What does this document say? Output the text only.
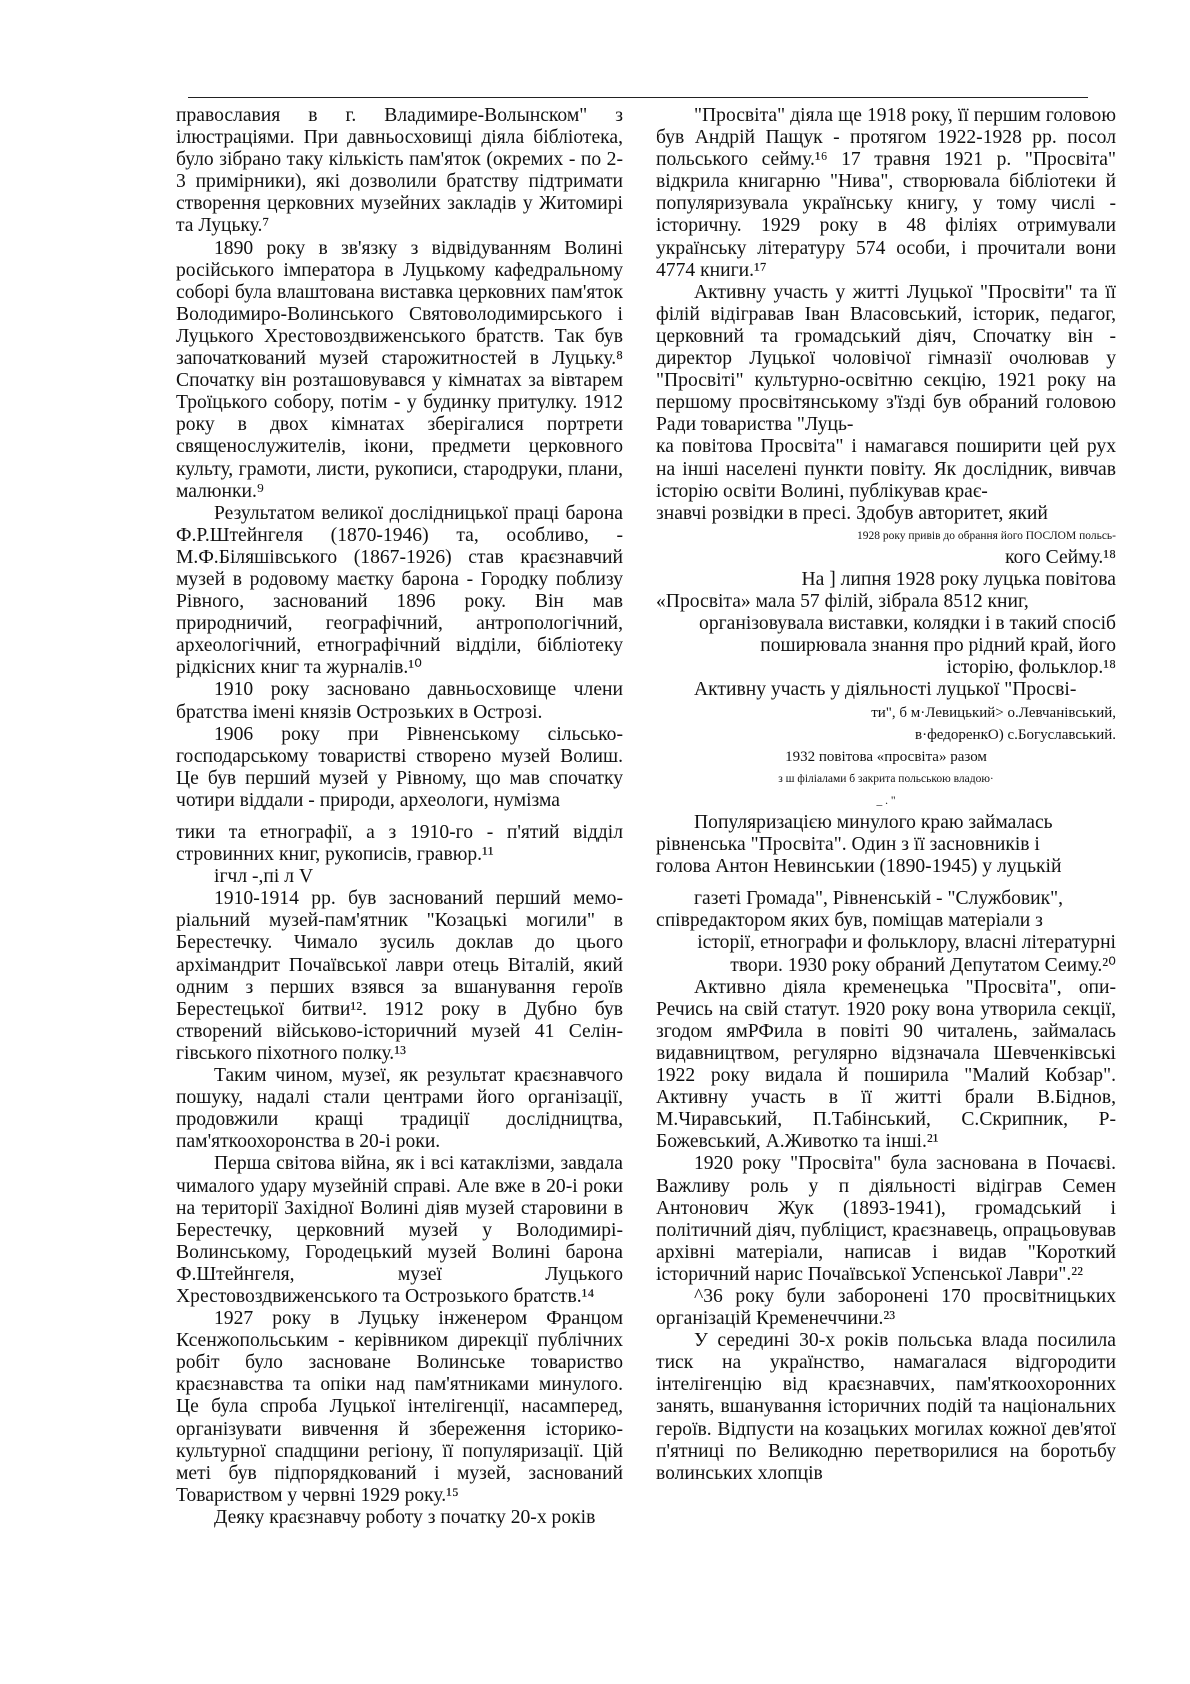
православия в г. Владимире-Волынском" з ілюстраціями. При давньосховищі діяла бібліотека, було зібрано таку кількість пам'яток (окремих - по 2-3 примірники), які дозволили братству підтримати створення церковних музейних закладів у Житомирі та Луцьку.⁷

1890 року в зв'язку з відвідуванням Волині російського імператора в Луцькому кафедральному соборі була влаштована виставка церковних пам'яток Володимиро-Волинського Святоволодимирського і Луцького Хрестовоздвиженського братств. Так був започаткований музей старожитностей в Луцьку.⁸ Спочатку він розташовувався у кімнатах за вівтарем Троїцького собору, потім - у будинку притулку. 1912 року в двох кімнатах зберігалися портрети священослужителів, ікони, предмети церковного культу, грамоти, листи, рукописи, стародруки, плани, малюнки.⁹

Результатом великої дослідницької праці барона Ф.Р.Штейнгеля (1870-1946) та, особливо, - М.Ф.Біляшівського (1867-1926) став краєзнавчий музей в родовому маєтку барона - Городку поблизу Рівного, заснований 1896 року. Він мав природничий, географічний, антропологічний, археологічний, етнографічний відділи, бібліотеку рідкісних книг та журналів.¹⁰

1910 року засновано давньосховище члени братства імені князів Острозьких в Острозі.

1906 року при Рівненському сільськогосподарському товаристві створено музей Волиш. Це був перший музей у Рівному, що мав спочатку чотири віддали - природи, археологи, нумізма

тики та етнографії, а з 1910-го - п'ятий відділ стровинних книг, рукописів, гравюр.¹¹

ігчл -,пі л V

1910-1914 рр. був заснований перший меморіальний музей-пам'ятник "Козацькі могили" в Берестечку. Чимало зусиль доклав до цього архімандрит Почаївської лаври отець Віталій, який одним з перших взявся за вшанування героїв Берестецької битви¹². 1912 року в Дубно був створений військово-історичний музей 41 Селінгівського піхотного полку.¹³

Таким чином, музеї, як результат краєзнавчого пошуку, надалі стали центрами його організації, продовжили кращі традиції дослідництва, пам'яткоохоронства в 20-і роки.

Перша світова війна, як і всі катаклізми, завдала чималого удару музейній справі. Але вже в 20-і роки на території Західної Волині діяв музей старовини в Берестечку, церковний музей у Володимирі-Волинському, Городецький музей Волині барона Ф.Штейнгеля, музеї Луцького Хрестовоздвиженського та Острозького братств.¹⁴

1927 року в Луцьку інженером Францом Ксенжопольським - керівником дирекції публічних робіт було засноване Волинське товариство краєзнавства та опіки над пам'ятниками минулого. Це була спроба Луцької інтелігенції, насамперед, організувати вивчення й збереження історико-культурної спадщини регіону, її популяризації. Цій меті був підпорядкований і музей, заснований Товариством у червні 1929 року.¹⁵

Деяку краєзнавчу роботу з початку 20-х років

"Просвіта" діяла ще 1918 року, її першим головою був Андрій Пащук - протягом 1922-1928 рр. посол польського сейму.¹⁶ 17 травня 1921 р. "Просвіта" відкрила книгарню "Нива", створювала бібліотеки й популяризувала українську книгу, у тому числі - історичну. 1929 року в 48 філіях отримували українську літературу 574 особи, і прочитали вони 4774 книги.¹⁷

Активну участь у житті Луцької "Просвіти" та її філій відігравав Іван Власовський, історик, педагог, церковний та громадський діяч, Спочатку він - директор Луцької чоловічої гімназії очолював у "Просвіті" культурно-освітню секцію, 1921 року на першому просвітянському з'їзді був обраний головою Ради товариства "Луць-

ка повітова Просвіта" і намагався поширити цей рух на інші населені пункти повіту. Як дослідник, вивчав історію освіти Волині, публікував крає-

знавчі розвідки в пресі. Здобув авторитет, який

1928 року привів до обрання його ПОСЛОМ польсь-

кого Сейму.¹⁸

На ] липня 1928 року луцька повітова

«Просвіта» мала 57 філій, зібрала 8512 книг,

організовувала виставки, колядки і в такий спосіб

поширювала знання про рідний край, його

історію, фольклор.¹⁸

Активну участь у діяльності луцької "Просві-

ти", б м·Левицький> о.Левчанівський,

в·федоренкО) с.Богуславський.

1932 повітова «просвіта» разом

з ш філіалами б закрита польською владою·

_ . "

Популяризацією минулого краю займалась

рівненська "Просвіта". Один з її засновників і

голова Антон Невинськии (1890-1945) у луцькій

газеті Громада", Рівненській - "Службовик",

співредактором яких був, поміщав матеріали з

історії, етнографи и фольклору, власні літературні

твори. 1930 року обраний Депутатом Сеиму.²⁰

Активно діяла кременецька "Просвіта", опиРечись на свій статут. 1920 року вона утворила секції, згодом ямРФила в повіті 90 читалень, займалась видавництвом, регулярно відзначала Шевченківські 1922 року видала й поширила "Малий Кобзар". Активну участь в її житті брали В.Біднов, М.Чиравський, П.Табінський, С.Скрипник, Р-Божевський, А.Животко та інші.²¹

1920 року "Просвіта" була заснована в Почаєві. Важливу роль у п діяльності відіграв Семен Антонович Жук (1893-1941), громадський і політичний діяч, публіцист, краєзнавець, опрацьовував архівні матеріали, написав і видав "Короткий історичний нарис Почаївської Успенської Лаври".²²

^36 року були заборонені 170 просвітницьких організацій Кременеччини.²³

У середині 30-х років польська влада посилила тиск на українство, намагалася відгородити інтелігенцію від краєзнавчих, пам'яткоохоронних занять, вшанування історичних подій та національних героїв. Відпусти на козацьких могилах кожної дев'ятої п'ятниці по Великодню перетворилися на боротьбу волинських хлопців
